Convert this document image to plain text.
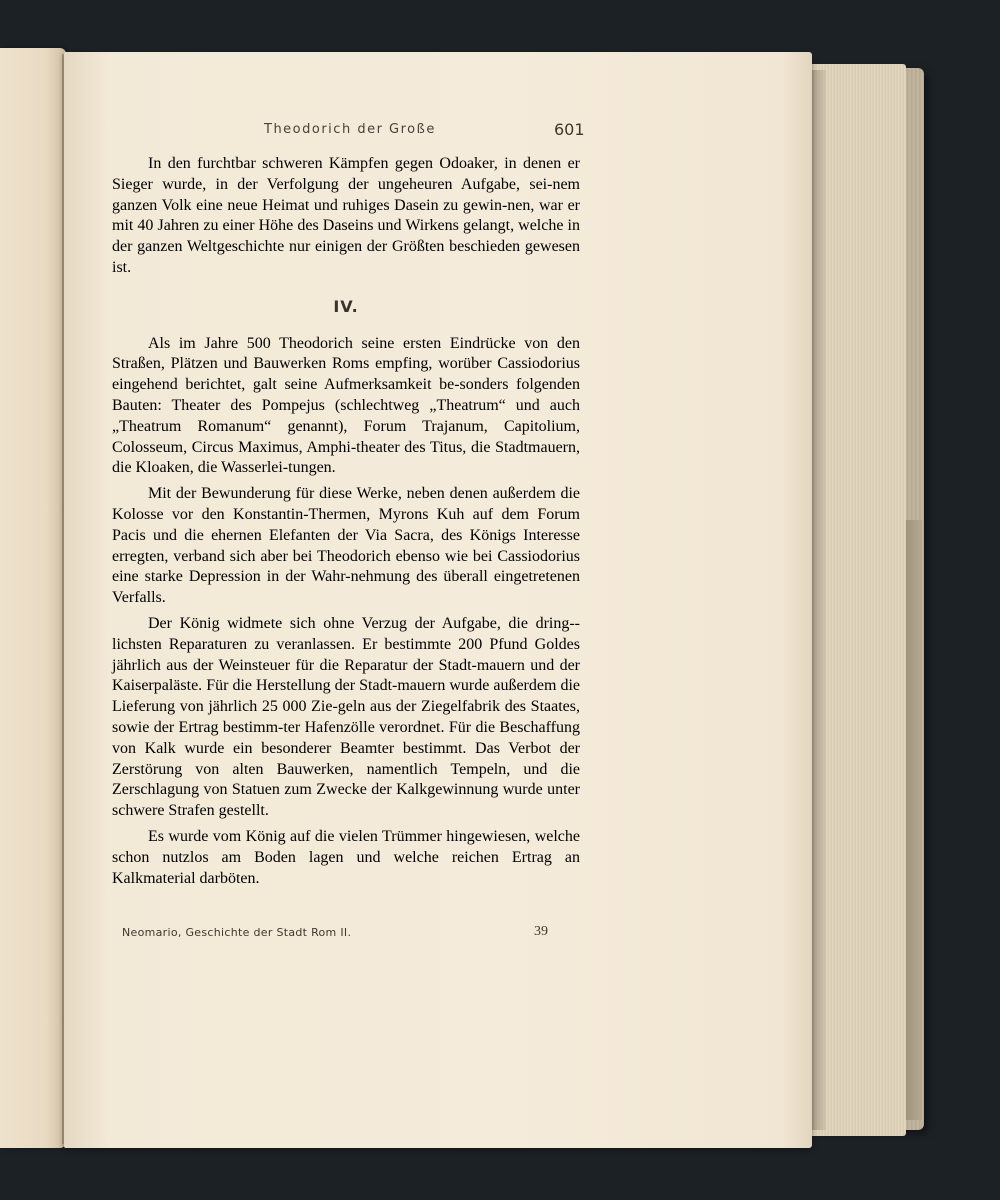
Theodorich der Große	601

In den furchtbar schweren Kämpfen gegen Odoaker, in denen er Sieger wurde, in der Verfolgung der ungeheuren Aufgabe, sei-nem ganzen Volk eine neue Heimat und ruhiges Dasein zu gewin-nen, war er mit 40 Jahren zu einer Höhe des Daseins und Wirkens gelangt, welche in der ganzen Weltgeschichte nur einigen der Größten beschieden gewesen ist.

IV.

Als im Jahre 500 Theodorich seine ersten Eindrücke von den Straßen, Plätzen und Bauwerken Roms empfing, worüber Cassiodorius eingehend berichtet, galt seine Aufmerksamkeit be-sonders folgenden Bauten: Theater des Pompejus (schlechtweg „Theatrum“ und auch „Theatrum Romanum“ genannt), Forum Trajanum, Capitolium, Colosseum, Circus Maximus, Amphi-theater des Titus, die Stadtmauern, die Kloaken, die Wasserlei-tungen.

Mit der Bewunderung für diese Werke, neben denen außerdem die Kolosse vor den Konstantin-Thermen, Myrons Kuh auf dem Forum Pacis und die ehernen Elefanten der Via Sacra, des Königs Interesse erregten, verband sich aber bei Theodorich ebenso wie bei Cassiodorius eine starke Depression in der Wahr-nehmung des überall eingetretenen Verfalls.

Der König widmete sich ohne Verzug der Aufgabe, die dring-lichsten Reparaturen zu veranlassen. Er bestimmte 200 Pfund Goldes jährlich aus der Weinsteuer für die Reparatur der Stadt-mauern und der Kaiserpaläste. Für die Herstellung der Stadt-mauern wurde außerdem die Lieferung von jährlich 25 000 Zie-geln aus der Ziegelfabrik des Staates, sowie der Ertrag bestimm-ter Hafenzölle verordnet. Für die Beschaffung von Kalk wurde ein besonderer Beamter bestimmt. Das Verbot der Zerstörung von alten Bauwerken, namentlich Tempeln, und die Zerschlagung von Statuen zum Zwecke der Kalkgewinnung wurde unter schwere Strafen gestellt.

Es wurde vom König auf die vielen Trümmer hingewiesen, welche schon nutzlos am Boden lagen und welche reichen Ertrag an Kalkmaterial darböten.

Neomario, Geschichte der Stadt Rom II.	39
